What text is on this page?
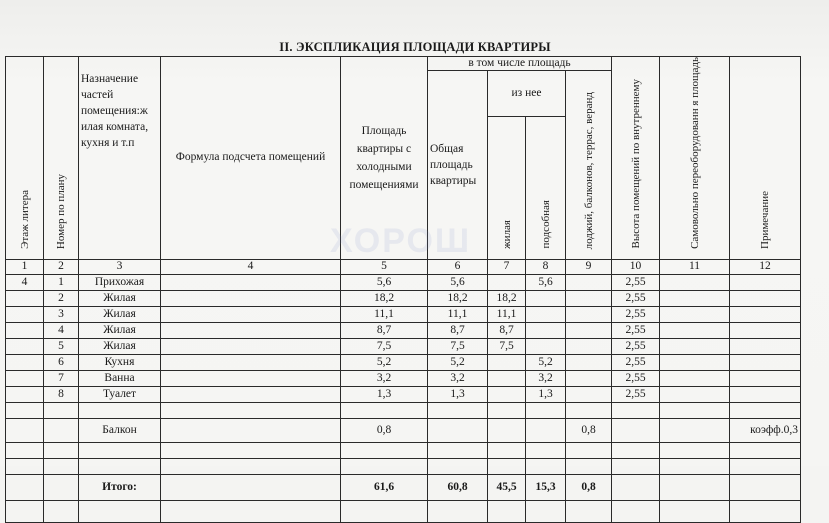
II. ЭКСПЛИКАЦИЯ ПЛОЩАДИ КВАРТИРЫ
Этаж литера	Номер по плану	Назначение частей помещения:ж илая комната, кухня и т.п	Формула подсчета помещений	Площадь квартиры с холодными помещениями	в том числе площадь				Высота помещений по внутреннему	Самовольно переоборудованн я площадь	Примечание
					Общая площадь квартиры	из нее		лоджий, балконов, террас, веранд			
						жилая	подсобная				
1	2	3	4	5	6	7	8	9	10	11	12
4	1	Прихожая		5,6	5,6		5,6		2,55		
	2	Жилая		18,2	18,2	18,2			2,55		
	3	Жилая		11,1	11,1	11,1			2,55		
	4	Жилая		8,7	8,7	8,7			2,55		
	5	Жилая		7,5	7,5	7,5			2,55		
	6	Кухня		5,2	5,2		5,2		2,55		
	7	Ванна		3,2	3,2		3,2		2,55		
	8	Туалет		1,3	1,3		1,3		2,55		

		Балкон		0,8				0,8			коэфф.0,3

		Итого:		61,6	60,8	45,5	15,3	0,8			

ХОРОШ
